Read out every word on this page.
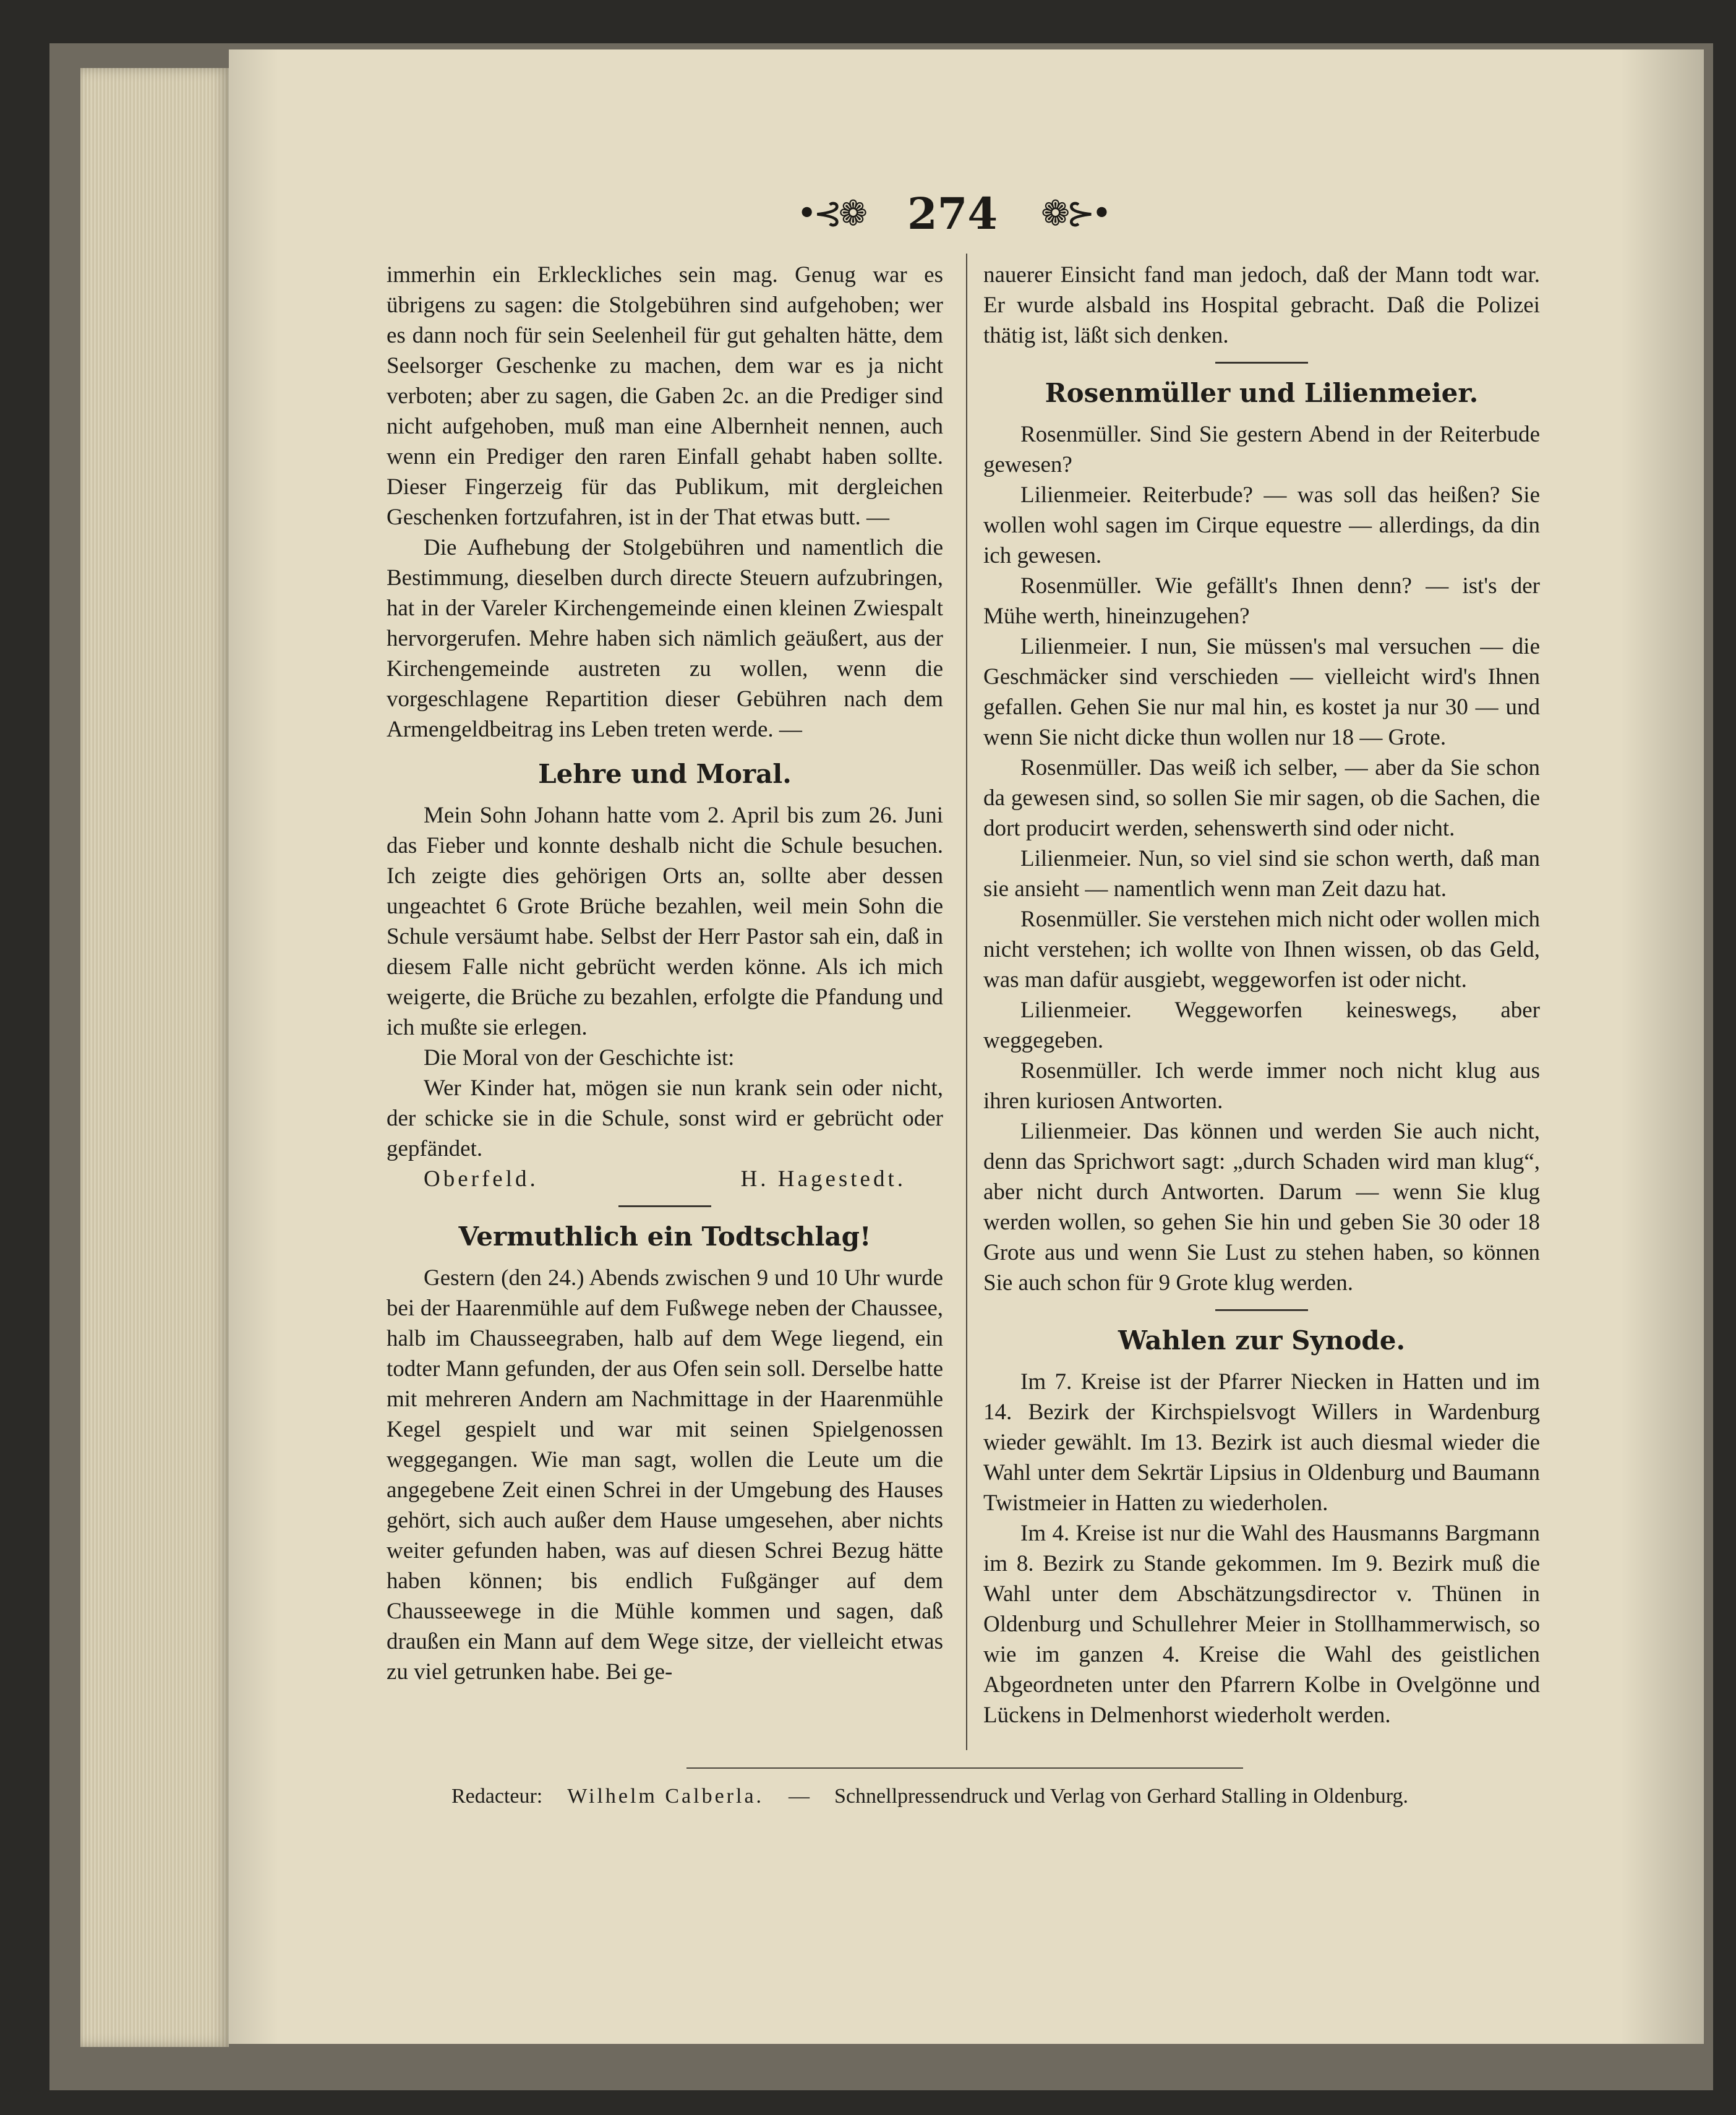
•⊰❁ 274 ❁⊱•

immerhin ein Erkleckliches sein mag. Genug war es übrigens zu sagen: die Stolgebühren sind aufgehoben; wer es dann noch für sein Seelenheil für gut gehalten hätte, dem Seelsorger Geschenke zu machen, dem war es ja nicht verboten; aber zu sagen, die Gaben 2c. an die Prediger sind nicht aufgehoben, muß man eine Albernheit nennen, auch wenn ein Prediger den raren Einfall gehabt haben sollte. Dieser Fingerzeig für das Publikum, mit dergleichen Geschenken fortzufahren, ist in der That etwas butt. —

Die Aufhebung der Stolgebühren und namentlich die Bestimmung, dieselben durch directe Steuern aufzubringen, hat in der Vareler Kirchengemeinde einen kleinen Zwiespalt hervorgerufen. Mehre haben sich nämlich geäußert, aus der Kirchengemeinde austreten zu wollen, wenn die vorgeschlagene Repartition dieser Gebühren nach dem Armengeldbeitrag ins Leben treten werde. —

Lehre und Moral.

Mein Sohn Johann hatte vom 2. April bis zum 26. Juni das Fieber und konnte deshalb nicht die Schule besuchen. Ich zeigte dies gehörigen Orts an, sollte aber dessen ungeachtet 6 Grote Brüche bezahlen, weil mein Sohn die Schule versäumt habe. Selbst der Herr Pastor sah ein, daß in diesem Falle nicht gebrücht werden könne. Als ich mich weigerte, die Brüche zu bezahlen, erfolgte die Pfandung und ich mußte sie erlegen.

Die Moral von der Geschichte ist:

Wer Kinder hat, mögen sie nun krank sein oder nicht, der schicke sie in die Schule, sonst wird er gebrücht oder gepfändet.

Oberfeld.	H. Hagestedt.
Vermuthlich ein Todtschlag!

Gestern (den 24.) Abends zwischen 9 und 10 Uhr wurde bei der Haarenmühle auf dem Fußwege neben der Chaussee, halb im Chausseegraben, halb auf dem Wege liegend, ein todter Mann gefunden, der aus Ofen sein soll. Derselbe hatte mit mehreren Andern am Nachmittage in der Haarenmühle Kegel gespielt und war mit seinen Spielgenossen weggegangen. Wie man sagt, wollen die Leute um die angegebene Zeit einen Schrei in der Umgebung des Hauses gehört, sich auch außer dem Hause umgesehen, aber nichts weiter gefunden haben, was auf diesen Schrei Bezug hätte haben können; bis endlich Fußgänger auf dem Chausseewege in die Mühle kommen und sagen, daß draußen ein Mann auf dem Wege sitze, der vielleicht etwas zu viel getrunken habe. Bei ge-

nauerer Einsicht fand man jedoch, daß der Mann todt war. Er wurde alsbald ins Hospital gebracht. Daß die Polizei thätig ist, läßt sich denken.

Rosenmüller und Lilienmeier.

Rosenmüller. Sind Sie gestern Abend in der Reiterbude gewesen?

Lilienmeier. Reiterbude? — was soll das heißen? Sie wollen wohl sagen im Cirque equestre — allerdings, da din ich gewesen.

Rosenmüller. Wie gefällt's Ihnen denn? — ist's der Mühe werth, hineinzugehen?

Lilienmeier. I nun, Sie müssen's mal versuchen — die Geschmäcker sind verschieden — vielleicht wird's Ihnen gefallen. Gehen Sie nur mal hin, es kostet ja nur 30 — und wenn Sie nicht dicke thun wollen nur 18 — Grote.

Rosenmüller. Das weiß ich selber, — aber da Sie schon da gewesen sind, so sollen Sie mir sagen, ob die Sachen, die dort producirt werden, sehenswerth sind oder nicht.

Lilienmeier. Nun, so viel sind sie schon werth, daß man sie ansieht — namentlich wenn man Zeit dazu hat.

Rosenmüller. Sie verstehen mich nicht oder wollen mich nicht verstehen; ich wollte von Ihnen wissen, ob das Geld, was man dafür ausgiebt, weggeworfen ist oder nicht.

Lilienmeier. Weggeworfen keineswegs, aber weggegeben.

Rosenmüller. Ich werde immer noch nicht klug aus ihren kuriosen Antworten.

Lilienmeier. Das können und werden Sie auch nicht, denn das Sprichwort sagt: „durch Schaden wird man klug“, aber nicht durch Antworten. Darum — wenn Sie klug werden wollen, so gehen Sie hin und geben Sie 30 oder 18 Grote aus und wenn Sie Lust zu stehen haben, so können Sie auch schon für 9 Grote klug werden.

Wahlen zur Synode.

Im 7. Kreise ist der Pfarrer Niecken in Hatten und im 14. Bezirk der Kirchspielsvogt Willers in Wardenburg wieder gewählt. Im 13. Bezirk ist auch diesmal wieder die Wahl unter dem Sekrtär Lipsius in Oldenburg und Baumann Twistmeier in Hatten zu wiederholen.

Im 4. Kreise ist nur die Wahl des Hausmanns Bargmann im 8. Bezirk zu Stande gekommen. Im 9. Bezirk muß die Wahl unter dem Abschätzungsdirector v. Thünen in Oldenburg und Schullehrer Meier in Stollhammerwisch, so wie im ganzen 4. Kreise die Wahl des geistlichen Abgeordneten unter den Pfarrern Kolbe in Ovelgönne und Lückens in Delmenhorst wiederholt werden.

Redacteur: Wilhelm Calberla. — Schnellpressendruck und Verlag von Gerhard Stalling in Oldenburg.
